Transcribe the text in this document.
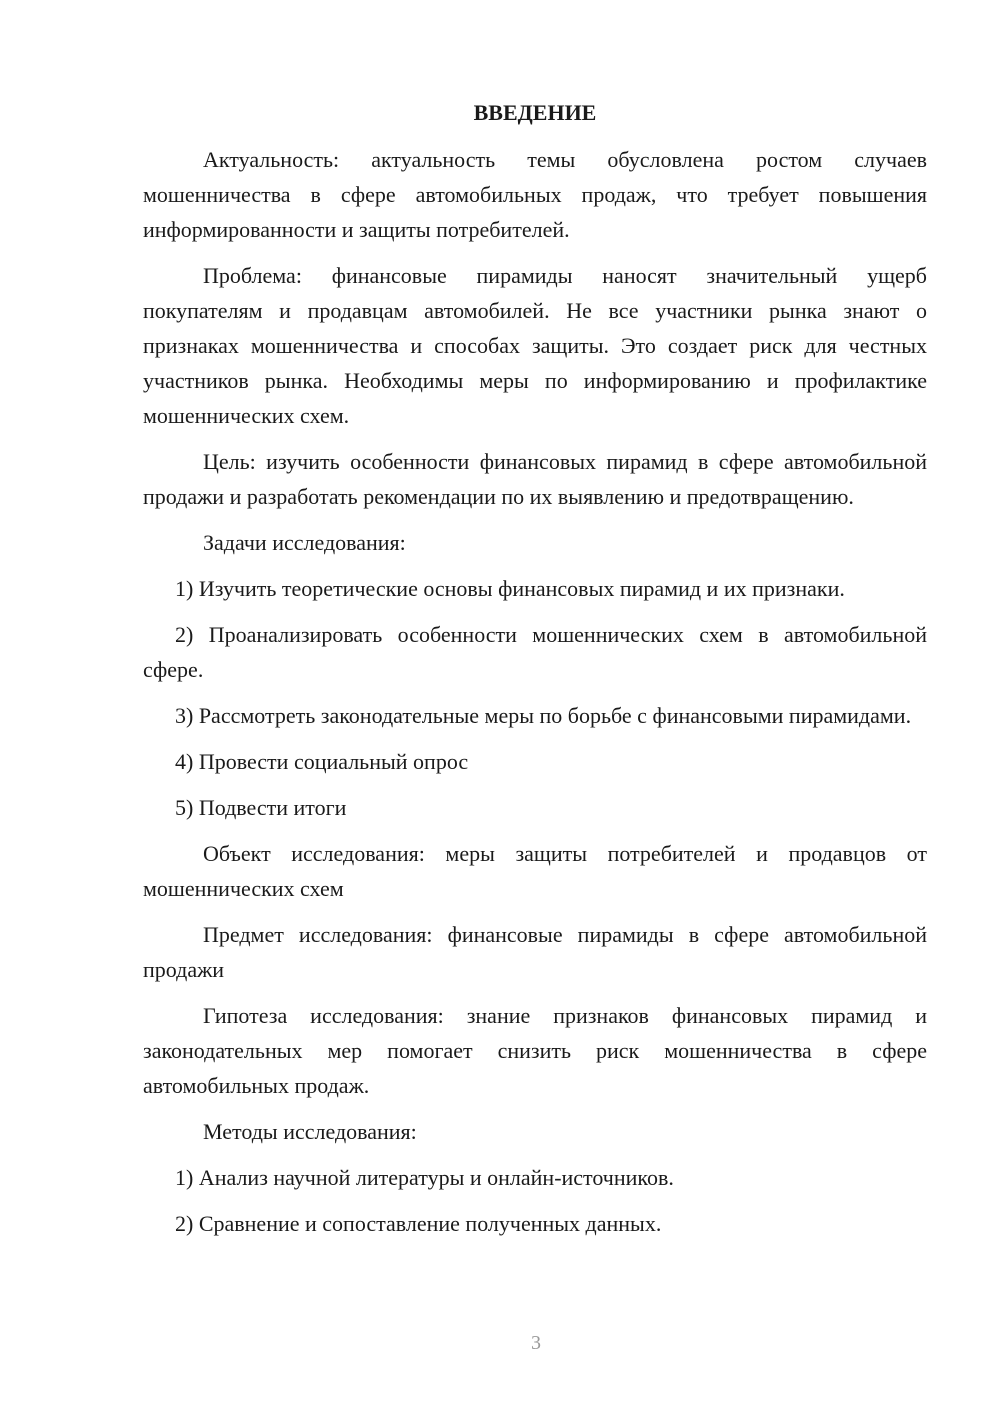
ВВЕДЕНИЕ

Актуальность: актуальность темы обусловлена ростом случаев мошенничества в сфере автомобильных продаж, что требует повышения информированности и защиты потребителей.

Проблема: финансовые пирамиды наносят значительный ущерб покупателям и продавцам автомобилей. Не все участники рынка знают о признаках мошенничества и способах защиты. Это создает риск для честных участников рынка. Необходимы меры по информированию и профилактике мошеннических схем.

Цель: изучить особенности финансовых пирамид в сфере автомобильной продажи и разработать рекомендации по их выявлению и предотвращению.

Задачи исследования:

1) Изучить теоретические основы финансовых пирамид и их признаки.

2) Проанализировать особенности мошеннических схем в автомобильной сфере.

3) Рассмотреть законодательные меры по борьбе с финансовыми пирамидами.

4) Провести социальный опрос

5) Подвести итоги

Объект исследования: меры защиты потребителей и продавцов от мошеннических схем

Предмет исследования: финансовые пирамиды в сфере автомобильной продажи

Гипотеза исследования: знание признаков финансовых пирамид и законодательных мер помогает снизить риск мошенничества в сфере автомобильных продаж.

Методы исследования:

1) Анализ научной литературы и онлайн-источников.

2) Сравнение и сопоставление полученных данных.

3
